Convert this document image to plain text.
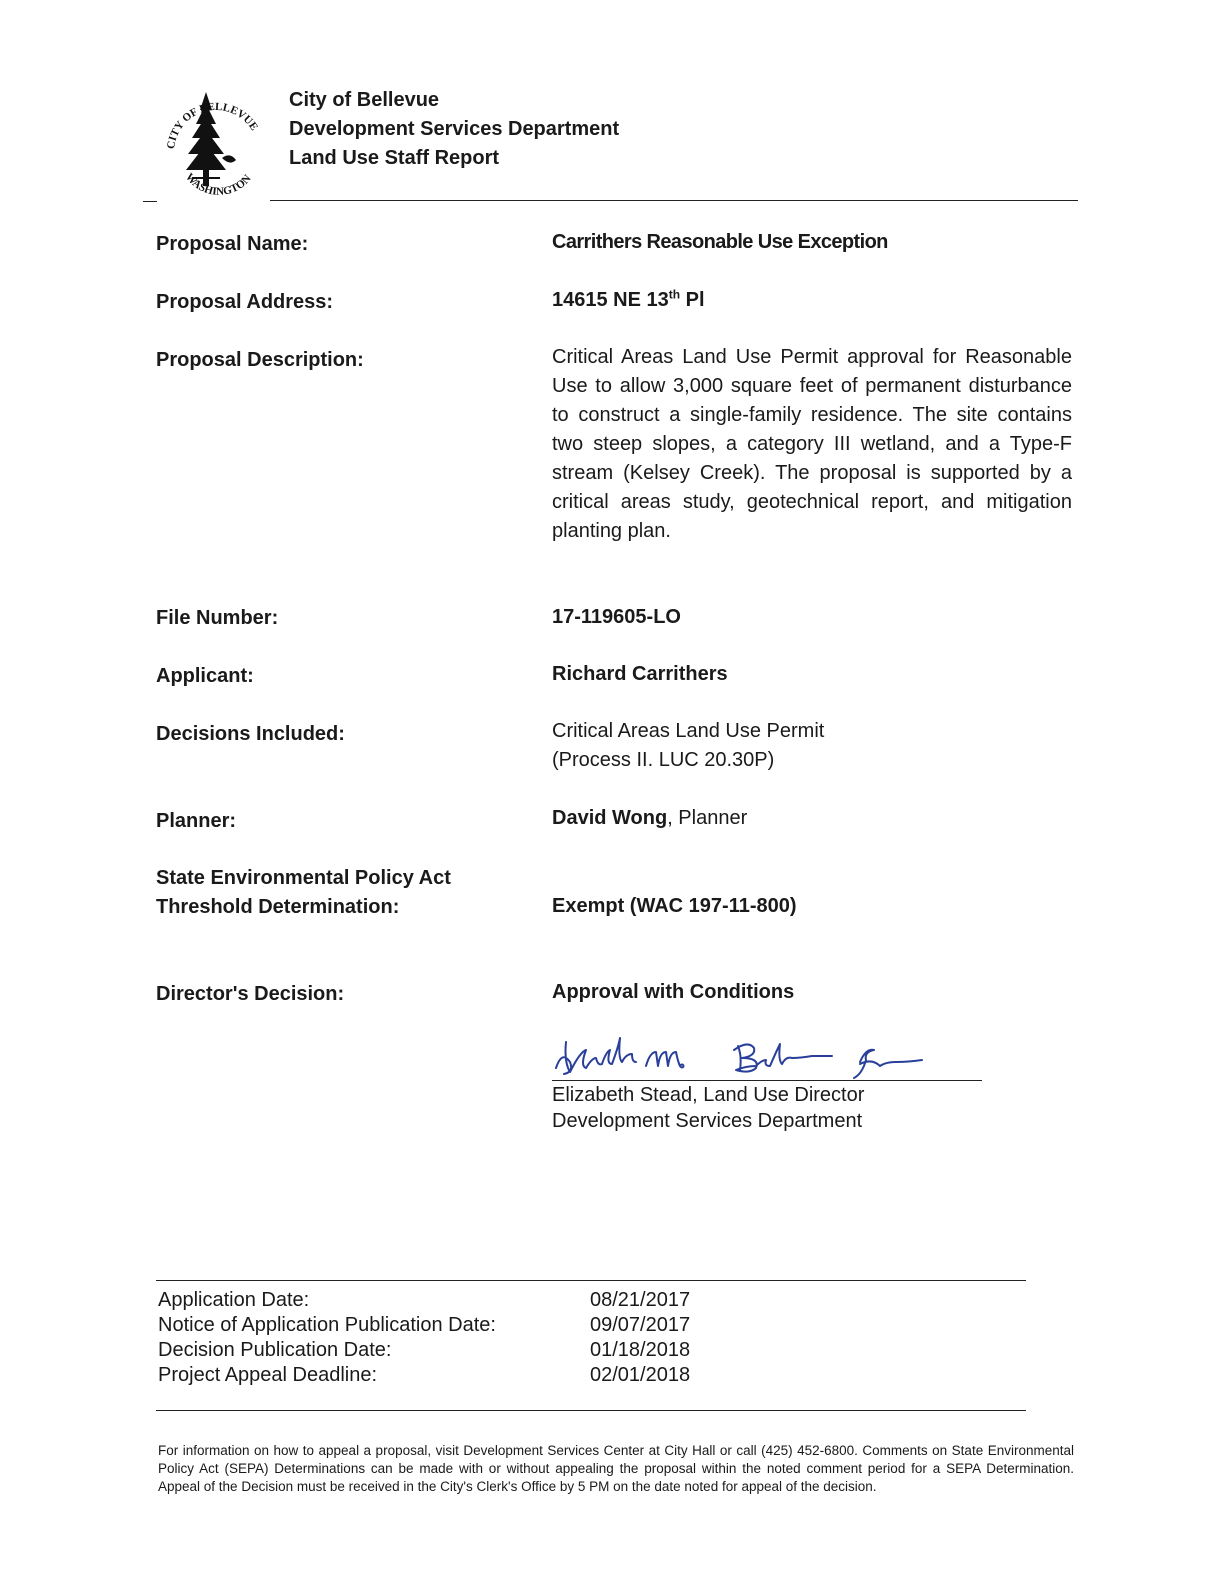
CITY OF BELLEVUE
WASHINGTON
City of Bellevue
Development Services Department
Land Use Staff Report
Proposal Name:	Carrithers Reasonable Use Exception
Proposal Address:	14615 NE 13th Pl
Proposal Description:	Critical Areas Land Use Permit approval for Reasonable Use to allow 3,000 square feet of permanent disturbance to construct a single-family residence. The site contains two steep slopes, a category III wetland, and a Type-F stream (Kelsey Creek). The proposal is supported by a critical areas study, geotechnical report, and mitigation planting plan.
File Number:	17-119605-LO
Applicant:	Richard Carrithers
Decisions Included:	Critical Areas Land Use Permit
(Process II. LUC 20.30P)
Planner:	David Wong, Planner
State Environmental Policy Act
Threshold Determination:	Exempt (WAC 197-11-800)
Director's Decision:	Approval with Conditions
Elizabeth Stead, Land Use Director
Development Services Department
Application Date:	08/21/2017
Notice of Application Publication Date:	09/07/2017
Decision Publication Date:	01/18/2018
Project Appeal Deadline:	02/01/2018
For information on how to appeal a proposal, visit Development Services Center at City Hall or call (425) 452-6800. Comments on State Environmental Policy Act (SEPA) Determinations can be made with or without appealing the proposal within the noted comment period for a SEPA Determination. Appeal of the Decision must be received in the City's Clerk's Office by 5 PM on the date noted for appeal of the decision.
